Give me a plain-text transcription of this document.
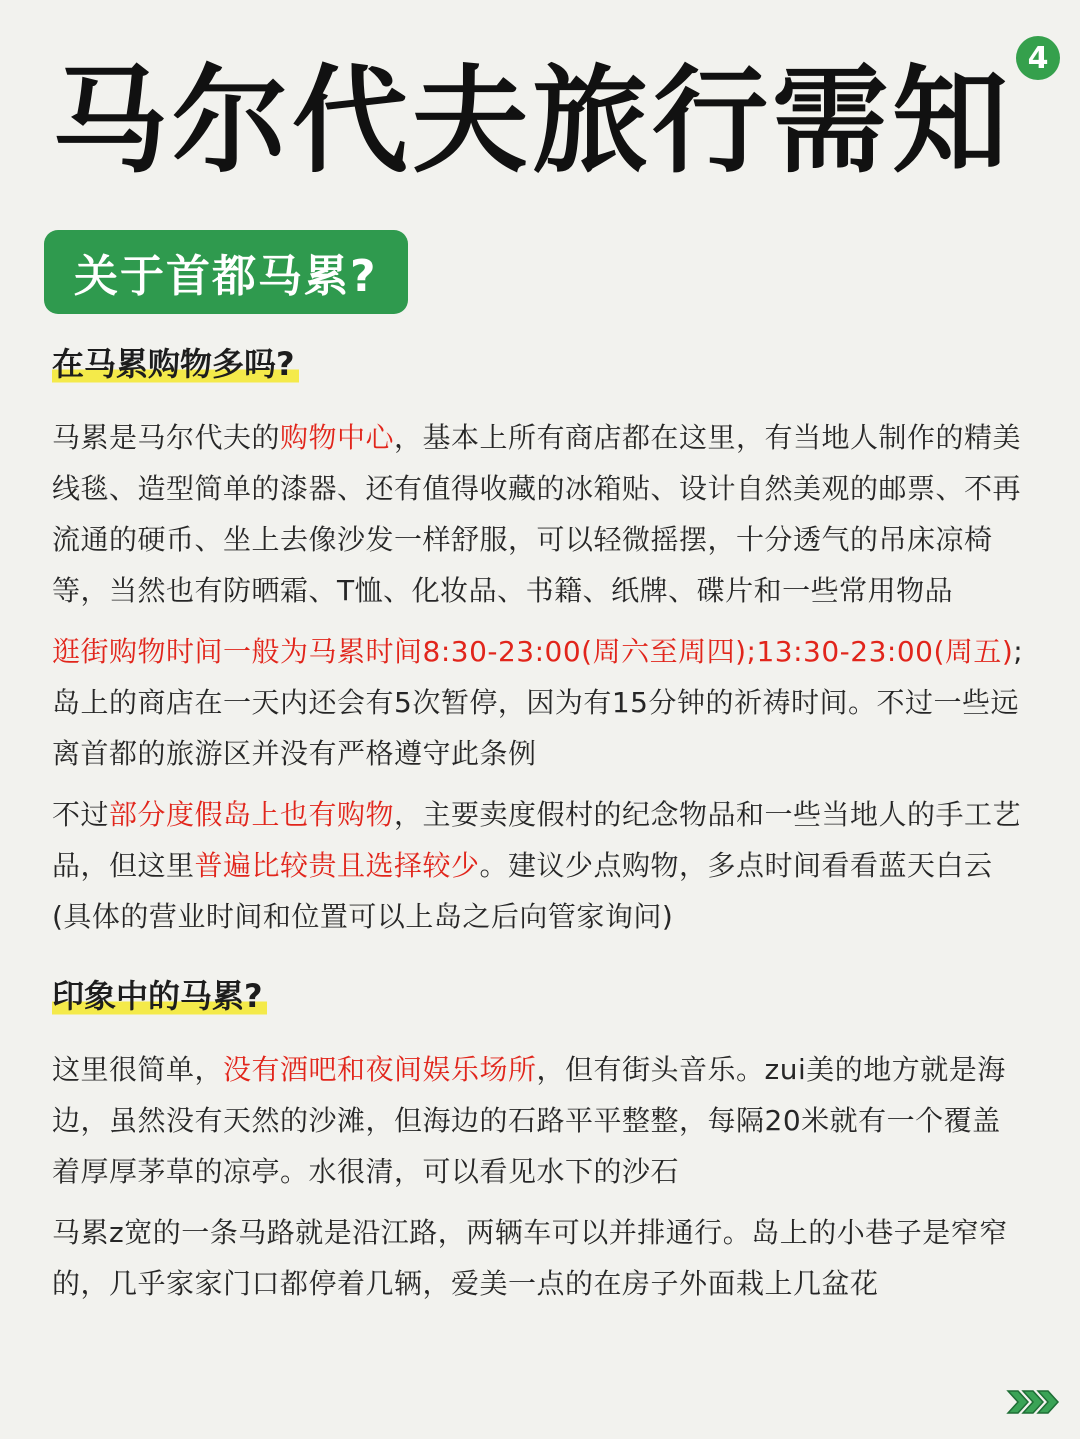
马尔代夫旅行需知 4
关于首都马累?
在马累购物多吗?

马累是马尔代夫的购物中心，基本上所有商店都在这里，有当地人制作的精美线毯、造型简单的漆器、还有值得收藏的冰箱贴、设计自然美观的邮票、不再流通的硬币、坐上去像沙发一样舒服，可以轻微摇摆，十分透气的吊床凉椅等，当然也有防晒霜、T恤、化妆品、书籍、纸牌、碟片和一些常用物品

逛街购物时间一般为马累时间8:30-23:00(周六至周四);13:30-23:00(周五); 岛上的商店在一天内还会有5次暂停，因为有15分钟的祈祷时间。不过一些远离首都的旅游区并没有严格遵守此条例

不过部分度假岛上也有购物，主要卖度假村的纪念物品和一些当地人的手工艺品，但这里普遍比较贵且选择较少。建议少点购物，多点时间看看蓝天白云(具体的营业时间和位置可以上岛之后向管家询问)

印象中的马累?

这里很简单，没有酒吧和夜间娱乐场所，但有街头音乐。zui美的地方就是海边，虽然没有天然的沙滩，但海边的石路平平整整，每隔20米就有一个覆盖着厚厚茅草的凉亭。水很清，可以看见水下的沙石

马累z宽的一条马路就是沿江路，两辆车可以并排通行。岛上的小巷子是窄窄的，几乎家家门口都停着几辆，爱美一点的在房子外面栽上几盆花
